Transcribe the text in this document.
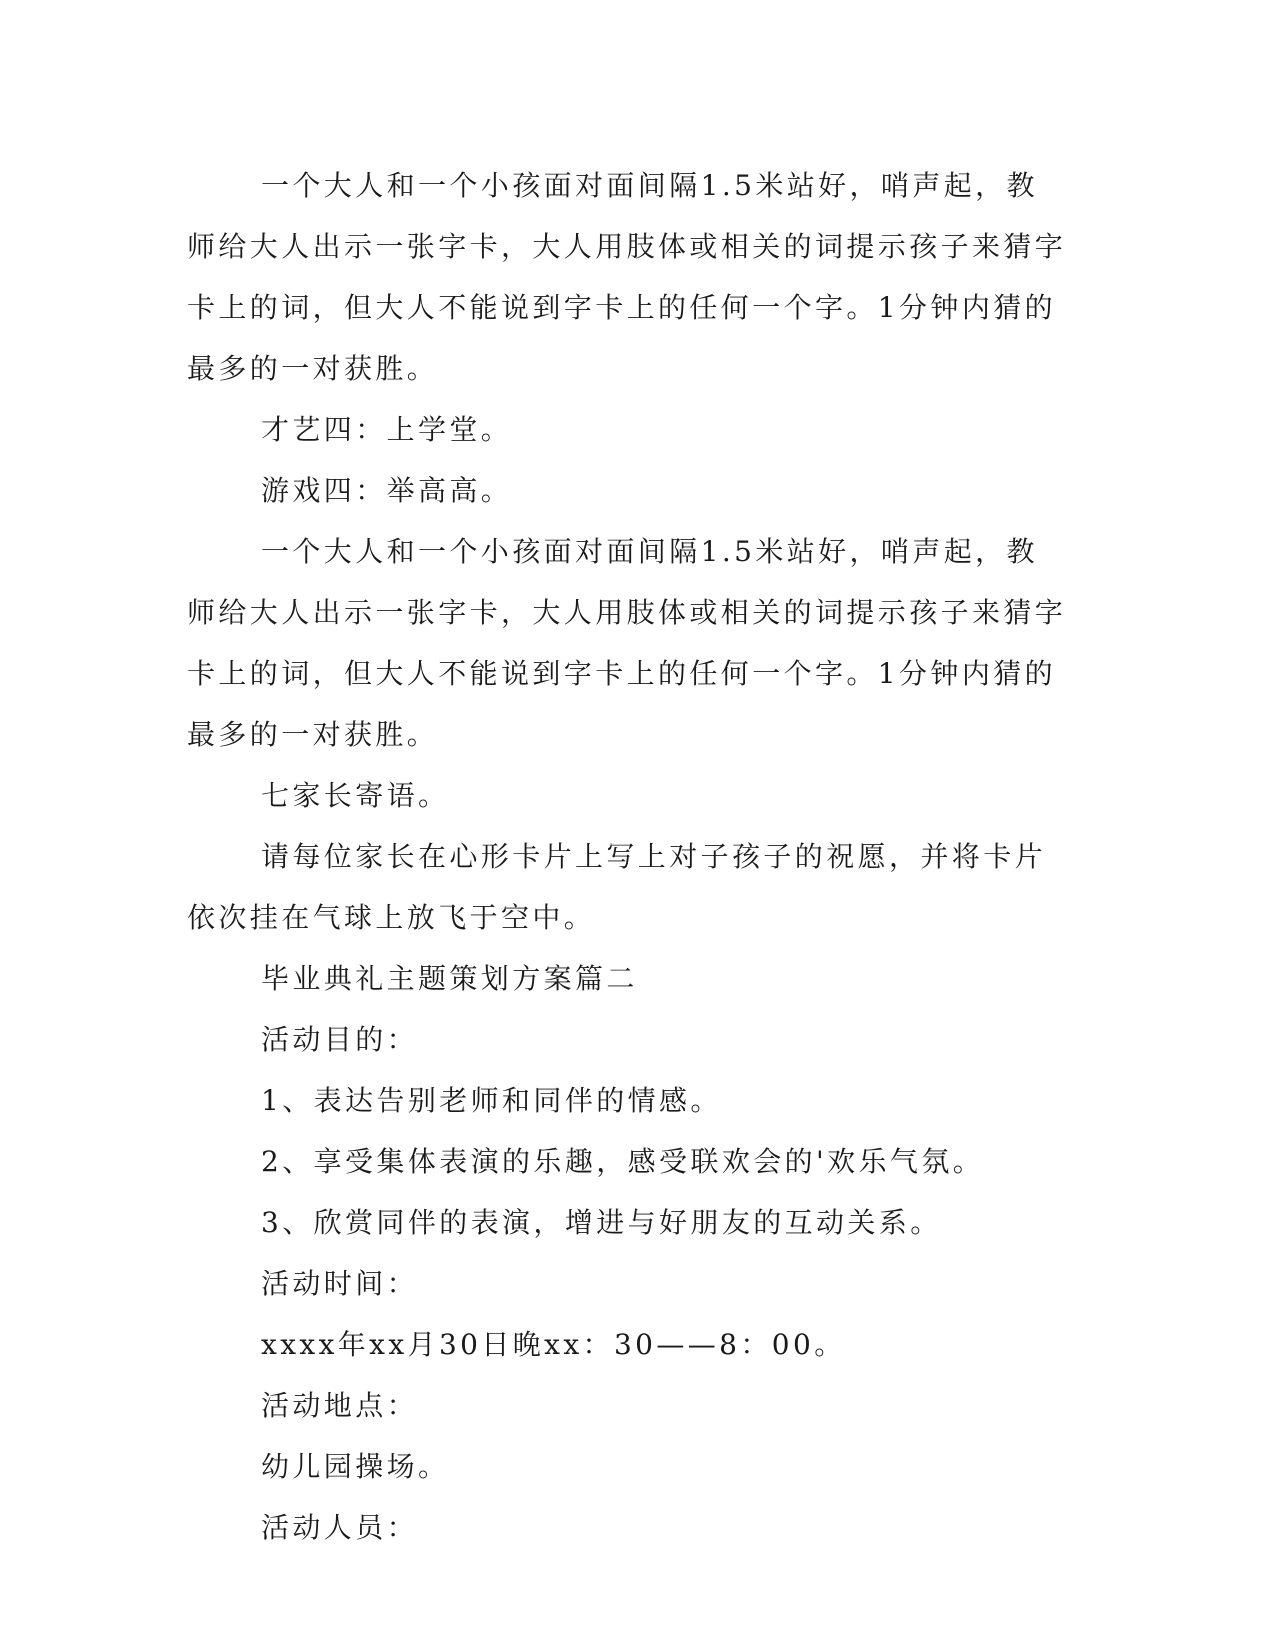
一个大人和一个小孩面对面间隔1.5米站好，哨声起，教师给大人出示一张字卡，大人用肢体或相关的词提示孩子来猜字卡上的词，但大人不能说到字卡上的任何一个字。1分钟内猜的最多的一对获胜。

才艺四：上学堂。

游戏四：举高高。

一个大人和一个小孩面对面间隔1.5米站好，哨声起，教师给大人出示一张字卡，大人用肢体或相关的词提示孩子来猜字卡上的词，但大人不能说到字卡上的任何一个字。1分钟内猜的最多的一对获胜。

七家长寄语。

请每位家长在心形卡片上写上对子孩子的祝愿，并将卡片依次挂在气球上放飞于空中。

毕业典礼主题策划方案篇二

活动目的：

1、表达告别老师和同伴的情感。

2、享受集体表演的乐趣，感受联欢会的'欢乐气氛。

3、欣赏同伴的表演，增进与好朋友的互动关系。

活动时间：

xxxx年xx月30日晚xx：30——8：00。

活动地点：

幼儿园操场。

活动人员：
